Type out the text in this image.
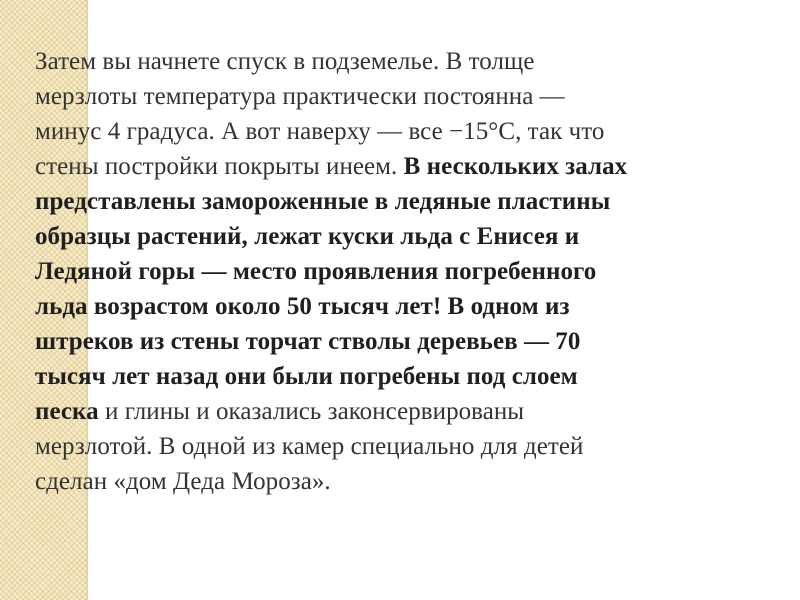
Затем вы начнете спуск в подземелье. В толще
мерзлоты температура практически постоянна —
минус 4 градуса. А вот наверху — все −15°С, так что
стены постройки покрыты инеем. В нескольких залах
представлены замороженные в ледяные пластины
образцы растений, лежат куски льда с Енисея и
Ледяной горы — место проявления погребенного
льда возрастом около 50 тысяч лет! В одном из
штреков из стены торчат стволы деревьев — 70
тысяч лет назад они были погребены под слоем
песка и глины и оказались законсервированы
мерзлотой. В одной из камер специально для детей
сделан «дом Деда Мороза».
